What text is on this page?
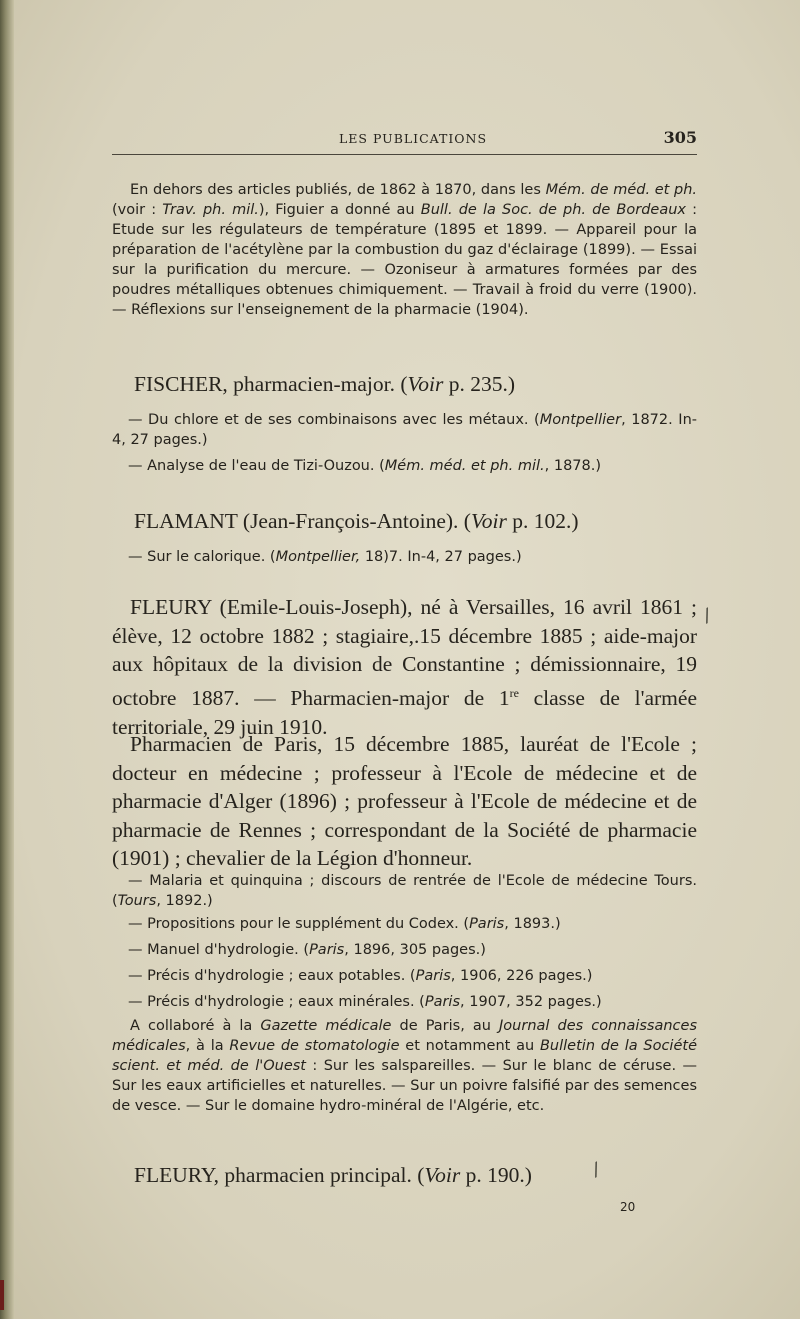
LES PUBLICATIONS	305

En dehors des articles publiés, de 1862 à 1870, dans les Mém. de méd. et ph. (voir : Trav. ph. mil.), Figuier a donné au Bull. de la Soc. de ph. de Bordeaux : Etude sur les régulateurs de température (1895 et 1899. — Appareil pour la préparation de l'acétylène par la combustion du gaz d'éclairage (1899). — Essai sur la purification du mercure. — Ozoniseur à armatures formées par des poudres métalliques obtenues chimiquement. — Travail à froid du verre (1900). — Réflexions sur l'enseignement de la pharmacie (1904).

FISCHER, pharmacien-major. (Voir p. 235.)

— Du chlore et de ses combinaisons avec les métaux. (Montpellier, 1872. In-4, 27 pages.)

— Analyse de l'eau de Tizi-Ouzou. (Mém. méd. et ph. mil., 1878.)

FLAMANT (Jean-François-Antoine). (Voir p. 102.)

— Sur le calorique. (Montpellier, 18)7. In-4, 27 pages.)

FLEURY (Emile-Louis-Joseph), né à Versailles, 16 avril 1861 ; élève, 12 octobre 1882 ; stagiaire,.15 décembre 1885 ; aide-major aux hôpitaux de la division de Constantine ; démissionnaire, 19 octobre 1887. — Pharmacien-major de 1re classe de l'armée territoriale, 29 juin 1910.

Pharmacien de Paris, 15 décembre 1885, lauréat de l'Ecole ; docteur en médecine ; professeur à l'Ecole de médecine et de pharmacie d'Alger (1896) ; professeur à l'Ecole de médecine et de pharmacie de Rennes ; correspondant de la Société de pharmacie (1901) ; chevalier de la Légion d'honneur.

— Malaria et quinquina ; discours de rentrée de l'Ecole de médecine Tours. (Tours, 1892.)

— Propositions pour le supplément du Codex. (Paris, 1893.)

— Manuel d'hydrologie. (Paris, 1896, 305 pages.)

— Précis d'hydrologie ; eaux potables. (Paris, 1906, 226 pages.)

— Précis d'hydrologie ; eaux minérales. (Paris, 1907, 352 pages.)

A collaboré à la Gazette médicale de Paris, au Journal des connaissances médicales, à la Revue de stomatologie et notamment au Bulletin de la Société scient. et méd. de l'Ouest : Sur les salspareilles. — Sur le blanc de céruse. — Sur les eaux artificielles et naturelles. — Sur un poivre falsifié par des semences de vesce. — Sur le domaine hydro-minéral de l'Algérie, etc.

FLEURY, pharmacien principal. (Voir p. 190.)

20
⁄
⁄
